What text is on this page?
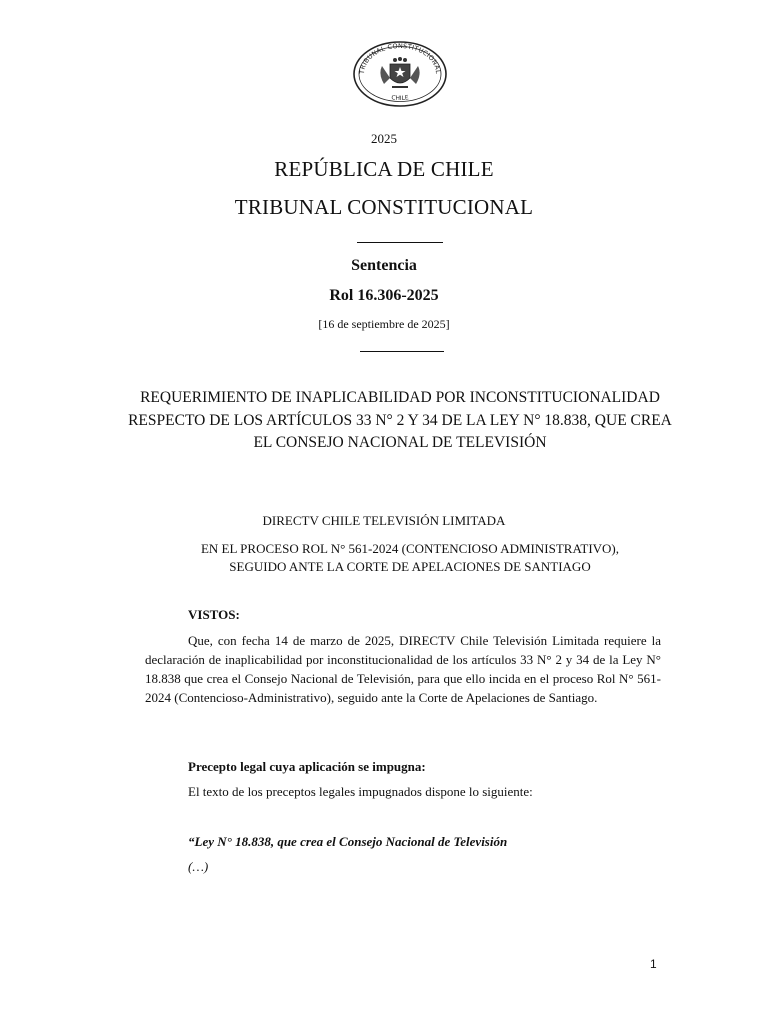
TRIBUNAL CONSTITUCIONAL
CHILE
2025
REPÚBLICA DE CHILE
TRIBUNAL CONSTITUCIONAL
Sentencia
Rol 16.306-2025
[16 de septiembre de 2025]
REQUERIMIENTO DE INAPLICABILIDAD POR INCONSTITUCIONALIDAD RESPECTO DE LOS ARTÍCULOS 33 N° 2 Y 34 DE LA LEY N° 18.838, QUE CREA EL CONSEJO NACIONAL DE TELEVISIÓN
DIRECTV CHILE TELEVISIÓN LIMITADA
EN EL PROCESO ROL N° 561-2024 (CONTENCIOSO ADMINISTRATIVO),
SEGUIDO ANTE LA CORTE DE APELACIONES DE SANTIAGO
VISTOS:

Que, con fecha 14 de marzo de 2025, DIRECTV Chile Televisión Limitada requiere la declaración de inaplicabilidad por inconstitucionalidad de los artículos 33 N° 2 y 34 de la Ley N° 18.838 que crea el Consejo Nacional de Televisión, para que ello incida en el proceso Rol N° 561-2024 (Contencioso-Administrativo), seguido ante la Corte de Apelaciones de Santiago.

Precepto legal cuya aplicación se impugna:
El texto de los preceptos legales impugnados dispone lo siguiente:
“Ley N° 18.838, que crea el Consejo Nacional de Televisión
(…)
1
